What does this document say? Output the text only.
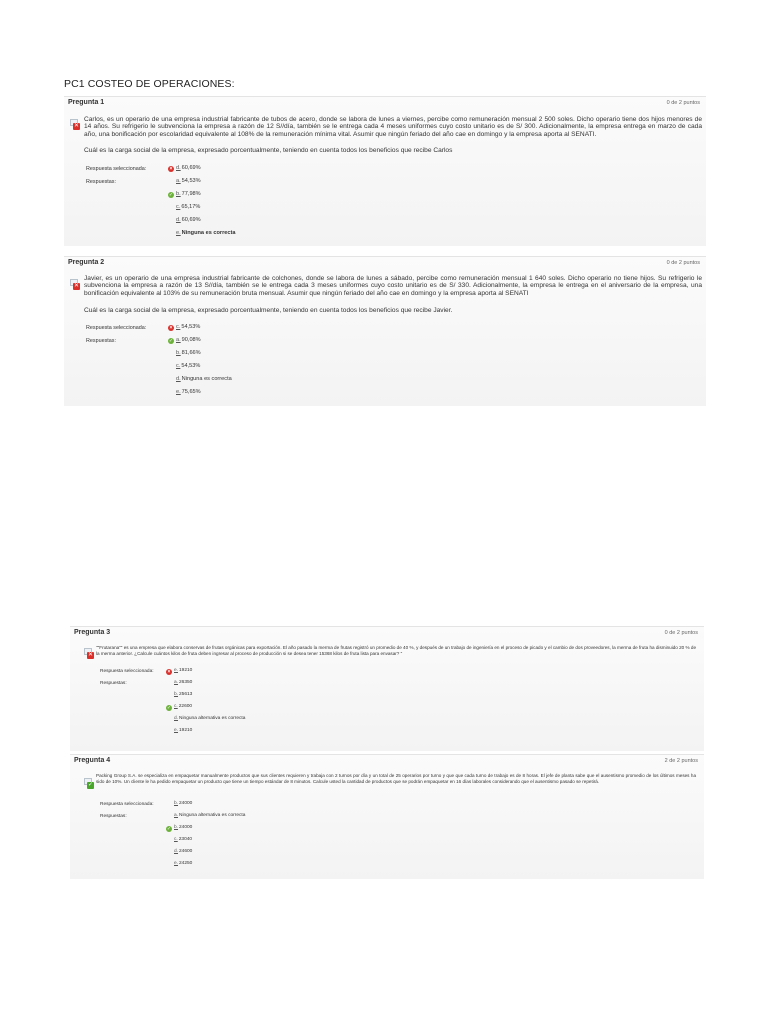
PC1 COSTEO DE OPERACIONES:
Pregunta 1	0 de 2 puntos
✕
Carlos, es un operario de una empresa industrial fabricante de tubos de acero, donde se labora de lunes a viernes, percibe como remuneración mensual 2 500 soles. Dicho operario tiene dos hijos menores de 14 años. Su refrigerio le subvenciona la empresa a razón de 12 S//día, también se le entrega cada 4 meses uniformes cuyo costo unitario es de S/ 300. Adicionalmente, la empresa entrega en marzo de cada año, una bonificación por escolaridad equivalente al 108% de la remuneración mínima vital. Asumir que ningún feriado del año cae en domingo y la empresa aporta al SENATI.
Cuál es la carga social de la empresa, expresado porcentualmente, teniendo en cuenta todos los beneficios que recibe Carlos
Respuesta seleccionada:	× d.60,69%
Respuestas:	a.54,53%
✓ b.77,98%
c.65,17%
d.60,69%
e.Ninguna es correcta
Pregunta 2	0 de 2 puntos
✕
Javier, es un operario de una empresa industrial fabricante de colchones, donde se labora de lunes a sábado, percibe como remuneración mensual 1 640 soles. Dicho operario no tiene hijos. Su refrigerio le subvenciona la empresa a razón de 13 S//día, también se le entrega cada 3 meses uniformes cuyo costo unitario es de S/ 330. Adicionalmente, la empresa le entrega en el aniversario de la empresa, una bonificación equivalente al 103% de su remuneración bruta mensual. Asumir que ningún feriado del año cae en domingo y la empresa aporta al SENATI
Cuál es la carga social de la empresa, expresado porcentualmente, teniendo en cuenta todos los beneficios que recibe Javier.
Respuesta seleccionada:	× c.54,53%
Respuestas:	✓ a.90,08%
b.81,66%
c.54,53%
d.Ninguna es correcta
e.75,65%
Pregunta 3	0 de 2 puntos
✕
""Frutarana"" es una empresa que elabora conservas de frutas orgánicas para exportación. El año pasado la merma de frutas registró un promedio de 40 %, y después de un trabajo de ingeniería en el proceso de picado y el cambio de dos proveedores, la merma de fruta ha disminuido 20 % de la merma anterior. ¿Calcule cuántos kilos de fruta deben ingresar al proceso de producción si se desea tener 15368 kilos de fruta lista para envasar? "
Respuesta seleccionada:	× e.19210
Respuestas:	a.26350
b.25613
✓ c.22600
d.Ninguna alternativa es correcta
e.19210
Pregunta 4	2 de 2 puntos
✓
Packing Group S.A. se especializa en empaquetar manualmente productos que sus clientes requieren y trabaja con 2 turnos por día y un total de 25 operarios por turno y que que cada turno de trabajo es de 8 horas. El jefe de planta sabe que el ausentismo promedio de los últimos meses ha sido de 10%. Un cliente le ha pedido empaquetar un producto que tiene un tiempo estándar de 8 minutos. Calcule usted la cantidad de productos que se podrán empaquetar en 16 días laborales considerando que el ausentismo pasado se repetirá.
Respuesta seleccionada:	b.24000
Respuestas:	a.Ninguna alternativa es correcta
✓ b.24000
c.23040
d.24600
e.24250
